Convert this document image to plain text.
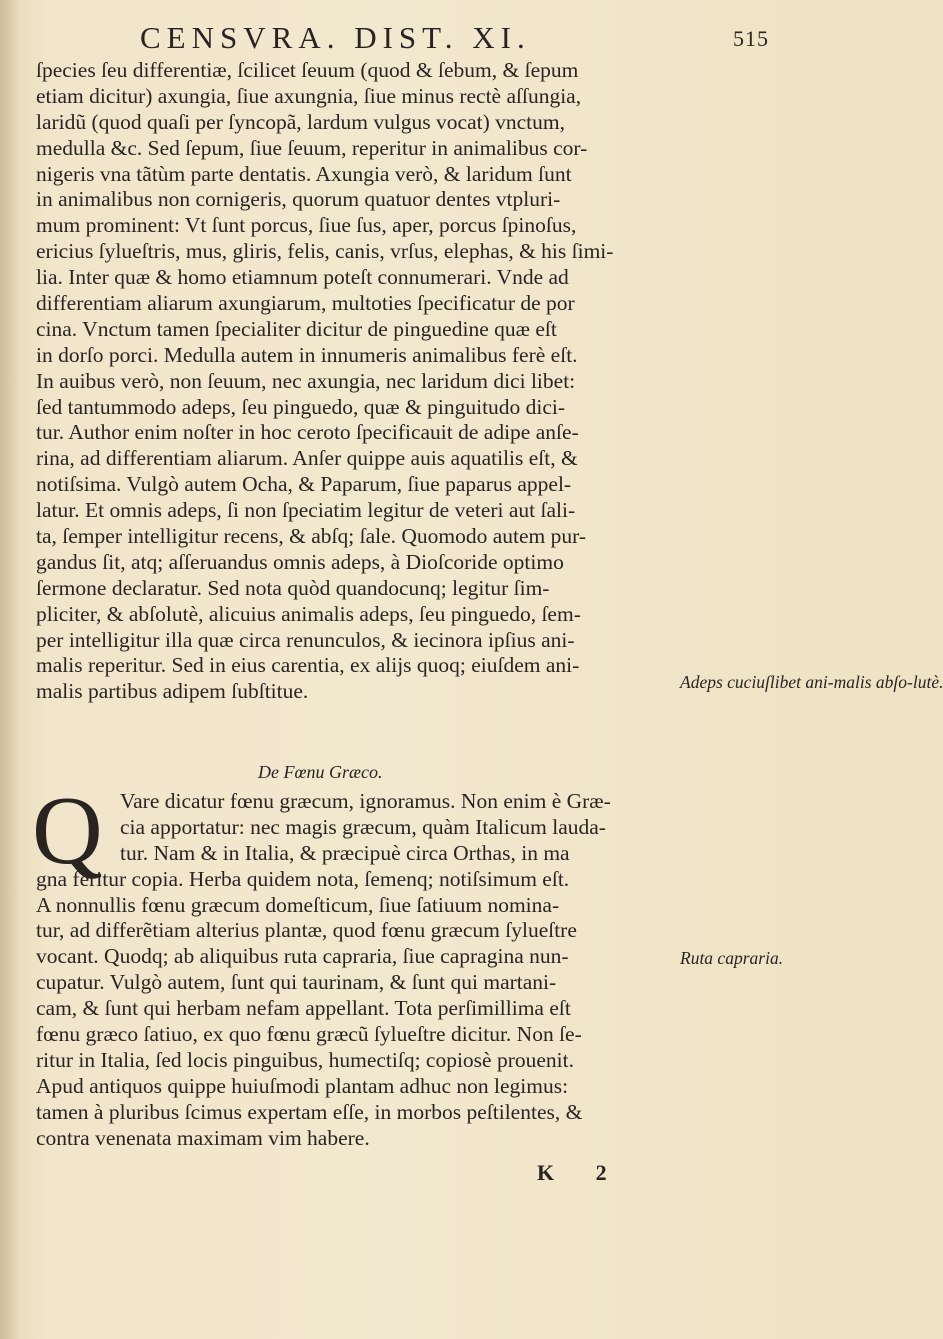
CENSVRA. DIST. XI.	515
ſpecies ſeu differentiæ, ſcilicet ſeuum (quod & ſebum, & ſepum
etiam dicitur) axungia, ſiue axungnia, ſiue minus rectè aſſungia,
laridũ (quod quaſi per ſyncopã, lardum vulgus vocat) vnctum,
medulla &c. Sed ſepum, ſiue ſeuum, reperitur in animalibus cor-
nigeris vna tãtùm parte dentatis. Axungia verò, & laridum ſunt
in animalibus non cornigeris, quorum quatuor dentes vtpluri-
mum prominent: Vt ſunt porcus, ſiue ſus, aper, porcus ſpinoſus,
ericius ſylueſtris, mus, gliris, felis, canis, vrſus, elephas, & his ſimi-
lia. Inter quæ & homo etiamnum poteſt connumerari. Vnde ad
differentiam aliarum axungiarum, multoties ſpecificatur de por
cina. Vnctum tamen ſpecialiter dicitur de pinguedine quæ eſt
in dorſo porci. Medulla autem in innumeris animalibus ferè eſt.
In auibus verò, non ſeuum, nec axungia, nec laridum dici libet:
ſed tantummodo adeps, ſeu pinguedo, quæ & pinguitudo dici-
tur. Author enim noſter in hoc ceroto ſpecificauit de adipe anſe-
rina, ad differentiam aliarum. Anſer quippe auis aquatilis eſt, &
notiſsima. Vulgò autem Ocha, & Paparum, ſiue paparus appel-
latur. Et omnis adeps, ſi non ſpeciatim legitur de veteri aut ſali-
ta, ſemper intelligitur recens, & abſq; ſale. Quomodo autem pur-
gandus ſit, atq; aſſeruandus omnis adeps, à Dioſcoride optimo
ſermone declaratur. Sed nota quòd quandocunq; legitur ſim-
pliciter, & abſolutè, alicuius animalis adeps, ſeu pinguedo, ſem-
per intelligitur illa quæ circa renunculos, & iecinora ipſius ani-
malis reperitur. Sed in eius carentia, ex alijs quoq; eiuſdem ani-
malis partibus adipem ſubſtitue.
De Fœnu Græco.
Q Vare dicatur fœnu græcum, ignoramus. Non enim è Græ-
cia apportatur: nec magis græcum, quàm Italicum lauda-
tur. Nam & in Italia, & præcipuè circa Orthas, in ma
gna feritur copia. Herba quidem nota, ſemenq; notiſsimum eſt.
A nonnullis fœnu græcum domeſticum, ſiue ſatiuum nomina-
tur, ad differẽtiam alterius plantæ, quod fœnu græcum ſylueſtre
vocant. Quodq; ab aliquibus ruta capraria, ſiue capragina nun-
cupatur. Vulgò autem, ſunt qui taurinam, & ſunt qui martani-
cam, & ſunt qui herbam nefam appellant. Tota perſimillima eſt
fœnu græco ſatiuo, ex quo fœnu græcũ ſylueſtre dicitur. Non ſe-
ritur in Italia, ſed locis pinguibus, humectiſq; copiosè prouenit.
Apud antiquos quippe huiuſmodi plantam adhuc non legimus:
tamen à pluribus ſcimus expertam eſſe, in morbos peſtilentes, &
contra venenata maximam vim habere.
Adeps cuciuſlibet ani-malis abſo-lutè.
Ruta capraria.
K 2
